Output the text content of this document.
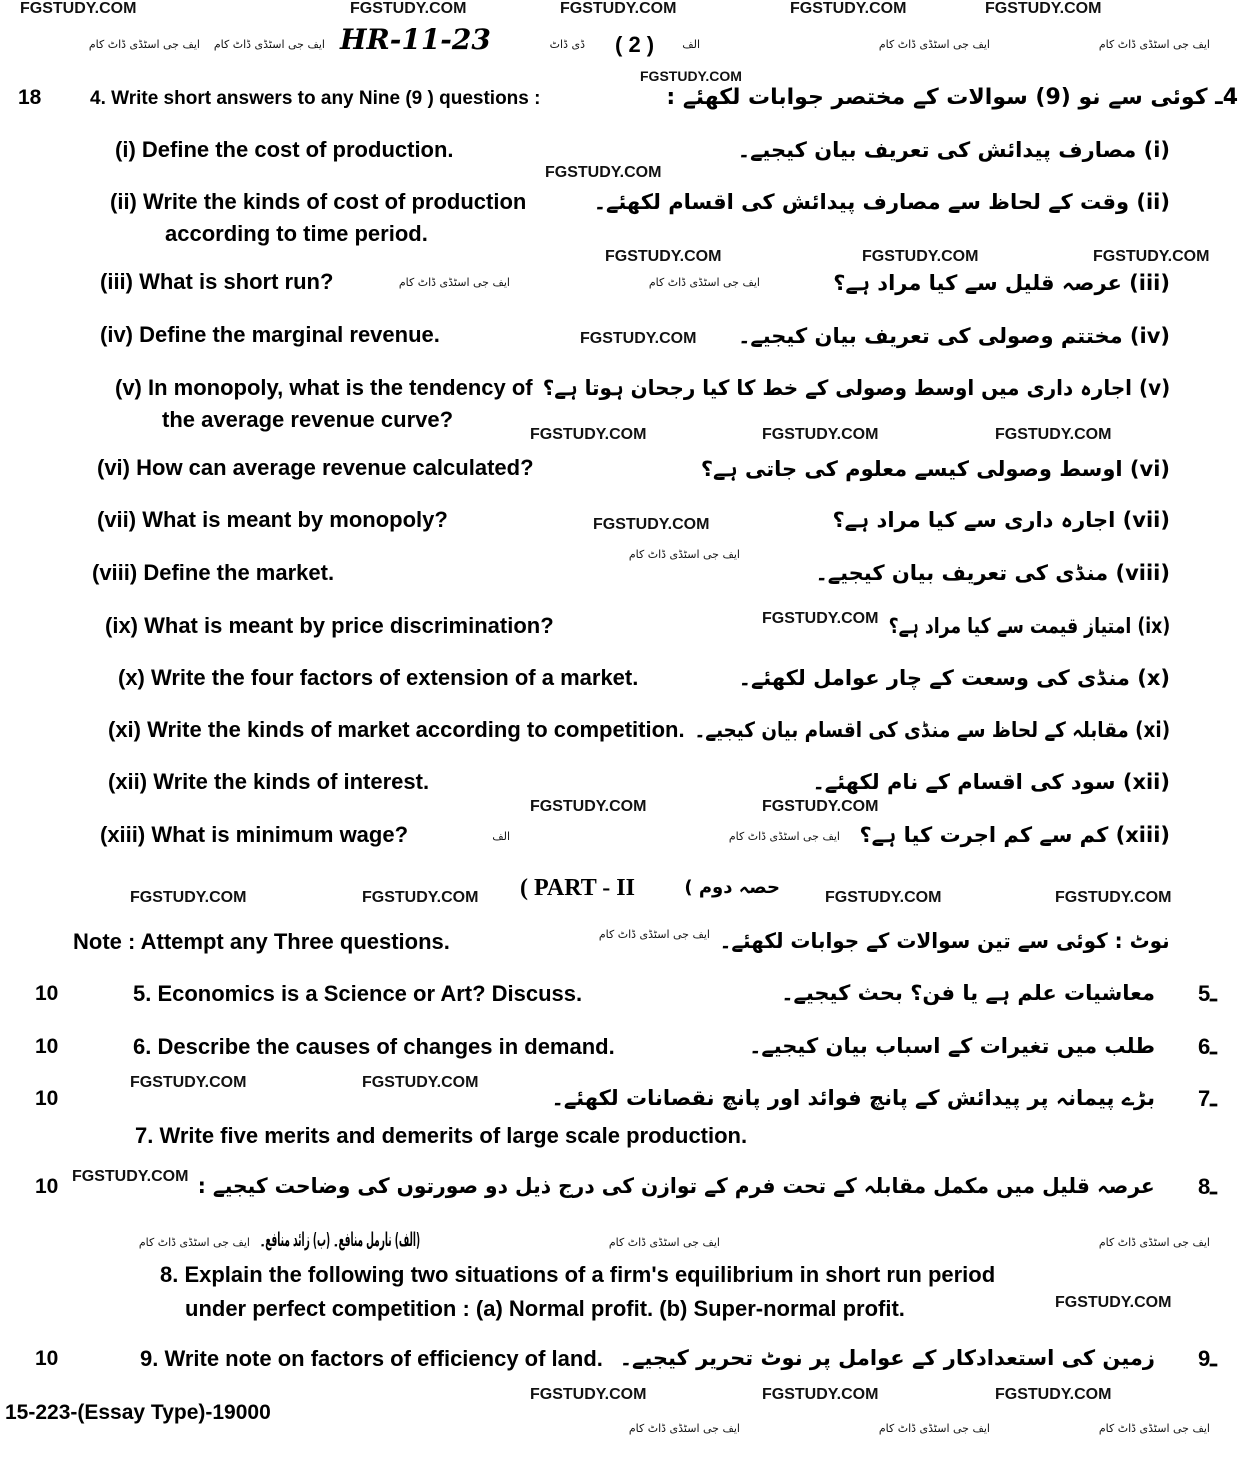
FGSTUDY.COM	FGSTUDY.COM	FGSTUDY.COM	FGSTUDY.COM	FGSTUDY.COM
ایف جی اسٹڈی ڈاٹ کام ایف جی اسٹڈی ڈاٹ کام HR-11-23	ڈی ڈاٹ ( 2 )	الف	ایف جی اسٹڈی ڈاٹ کام	ایف جی اسٹڈی ڈاٹ کام
18	4. Write short answers to any Nine (9 ) questions :
FGSTUDY.COM
4ـ کوئی سے نو (9) سوالات کے مختصر جوابات لکھئے :
(i) Define the cost of production.	(i) مصارف پیدائش کی تعریف بیان کیجیے۔
FGSTUDY.COM
(ii) Write the kinds of cost of production
according to time period.
(ii) وقت کے لحاظ سے مصارف پیدائش کی اقسام لکھئے۔
FGSTUDY.COM	FGSTUDY.COM	FGSTUDY.COM
(iii) What is short run?	ایف جی اسٹڈی ڈاٹ کام	ایف جی اسٹڈی ڈاٹ کام	(iii) عرصہ قلیل سے کیا مراد ہے؟
(iv) Define the marginal revenue.	FGSTUDY.COM (iv) مختتم وصولی کی تعریف بیان کیجیے۔
(v) In monopoly, what is the tendency of
the average revenue curve?
(v) اجارہ داری میں اوسط وصولی کے خط کا کیا رجحان ہوتا ہے؟
FGSTUDY.COM	FGSTUDY.COM	FGSTUDY.COM
(vi) How can average revenue calculated?	(vi) اوسط وصولی کیسے معلوم کی جاتی ہے؟
(vii) What is meant by monopoly?	FGSTUDY.COM	(vii) اجارہ داری سے کیا مراد ہے؟
(viii) Define the market.
ایف جی اسٹڈی ڈاٹ کام
(viii) منڈی کی تعریف بیان کیجیے۔
(ix) What is meant by price discrimination?	FGSTUDY.COM (ix) امتیاز قیمت سے کیا مراد ہے؟
(x) Write the four factors of extension of a market.	(x) منڈی کی وسعت کے چار عوامل لکھئے۔
(xi) Write the kinds of market according to competition. (xi) مقابلہ کے لحاظ سے منڈی کی اقسام بیان کیجیے۔
(xii) Write the kinds of interest.	(xii) سود کی اقسام کے نام لکھئے۔
FGSTUDY.COM	FGSTUDY.COM
(xiii) What is minimum wage?	الف	ایف جی اسٹڈی ڈاٹ کام (xiii) کم سے کم اجرت کیا ہے؟
FGSTUDY.COM	FGSTUDY.COM ( PART - II	حصہ دوم )	FGSTUDY.COM	FGSTUDY.COM
Note : Attempt any Three questions.	ایف جی اسٹڈی ڈاٹ کام نوٹ : کوئی سے تین سوالات کے جوابات لکھئے۔
10	5. Economics is a Science or Art? Discuss.	معاشیات علم ہے یا فن؟ بحث کیجیے۔ 5ـ
10	6. Describe the causes of changes in demand.	طلب میں تغیرات کے اسباب بیان کیجیے۔ 6ـ
10
FGSTUDY.COM	FGSTUDY.COM
بڑے پیمانہ پر پیدائش کے پانچ فوائد اور پانچ نقصانات لکھئے۔ 7ـ
7. Write five merits and demerits of large scale production.
10 FGSTUDY.COM عرصہ قلیل میں مکمل مقابلہ کے تحت فرم کے توازن کی درج ذیل دو صورتوں کی وضاحت کیجیے : 8ـ
ایف جی اسٹڈی ڈاٹ کام	ایف جی اسٹڈی ڈاٹ کام
(الف) نارمل منافع۔ (ب) زائد منافع۔	ایف جی اسٹڈی ڈاٹ کام
8. Explain the following two situations of a firm's equilibrium in short run period
under perfect competition : (a) Normal profit. (b) Super-normal profit.	FGSTUDY.COM
10	9. Write note on factors of efficiency of land. زمین کی استعدادکار کے عوامل پر نوٹ تحریر کیجیے۔ 9ـ
FGSTUDY.COM	FGSTUDY.COM	FGSTUDY.COM
15-223-(Essay Type)-19000
ایف جی اسٹڈی ڈاٹ کام	ایف جی اسٹڈی ڈاٹ کام	ایف جی اسٹڈی ڈاٹ کام
